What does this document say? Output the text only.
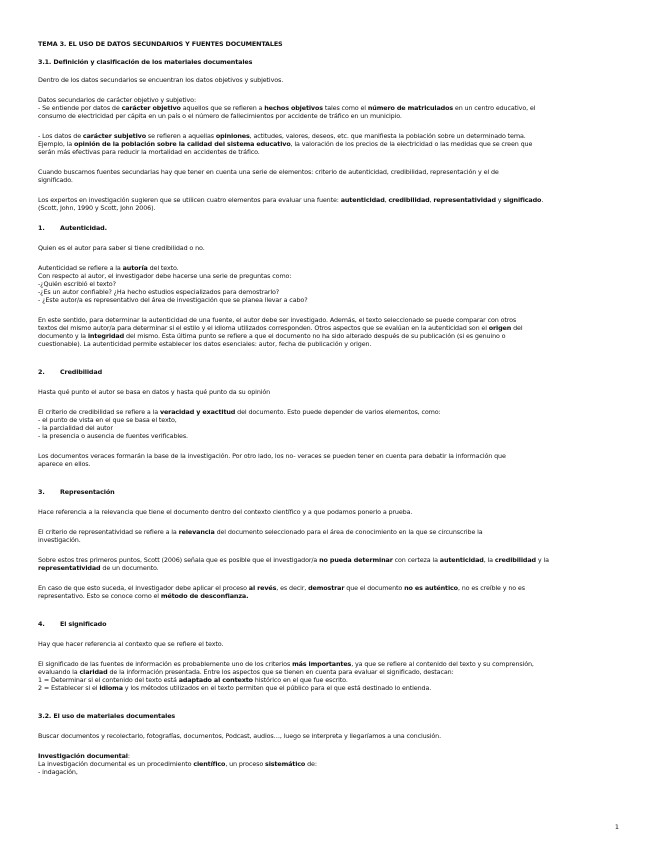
TEMA 3. EL USO DE DATOS SECUNDARIOS Y FUENTES DOCUMENTALES
3.1. Definición y clasificación de los materiales documentales
Dentro de los datos secundarios se encuentran los datos objetivos y subjetivos.
Datos secundarios de carácter objetivo y subjetivo:
- Se entiende por datos de carácter objetivo aquellos que se refieren a hechos objetivos tales como el número de matriculados en un centro educativo, el
consumo de electricidad per cápita en un país o el número de fallecimientos por accidente de tráfico en un municipio.
- Los datos de carácter subjetivo se refieren a aquellas opiniones, actitudes, valores, deseos, etc. que manifiesta la población sobre un determinado tema.
Ejemplo, la opinión de la población sobre la calidad del sistema educativo, la valoración de los precios de la electricidad o las medidas que se creen que
serán más efectivas para reducir la mortalidad en accidentes de tráfico.
Cuando buscamos fuentes secundarias hay que tener en cuenta una serie de elementos: criterio de autenticidad, credibilidad, representación y el de
significado.
Los expertos en investigación sugieren que se utilicen cuatro elementos para evaluar una fuente: autenticidad, credibilidad, representatividad y significado.
(Scott, John, 1990 y Scott, John 2006).
1. Autenticidad.
Quien es el autor para saber si tiene credibilidad o no.
Autenticidad se refiere a la autoría del texto.
Con respecto al autor, el investigador debe hacerse una serie de preguntas como:
-¿Quién escribió el texto?
-¿Es un autor confiable? ¿Ha hecho estudios especializados para demostrarlo?
- ¿Este autor/a es representativo del área de investigación que se planea llevar a cabo?
En este sentido, para determinar la autenticidad de una fuente, el autor debe ser investigado. Además, el texto seleccionado se puede comparar con otros
textos del mismo autor/a para determinar si el estilo y el idioma utilizados corresponden. Otros aspectos que se evalúan en la autenticidad son el origen del
documento y la integridad del mismo. Esta última punto se refiere a que el documento no ha sido alterado después de su publicación (si es genuino o
cuestionable). La autenticidad permite establecer los datos esenciales: autor, fecha de publicación y origen.
2. Credibilidad
Hasta qué punto el autor se basa en datos y hasta qué punto da su opinión
El criterio de credibilidad se refiere a la veracidad y exactitud del documento. Esto puede depender de varios elementos, como:
- el punto de vista en el que se basa el texto,
- la parcialidad del autor
- la presencia o ausencia de fuentes verificables.
Los documentos veraces formarán la base de la investigación. Por otro lado, los no- veraces se pueden tener en cuenta para debatir la información que
aparece en ellos.
3. Representación
Hace referencia a la relevancia que tiene el documento dentro del contexto científico y a que podamos ponerlo a prueba.
El criterio de representatividad se refiere a la relevancia del documento seleccionado para el área de conocimiento en la que se circunscribe la
investigación.
Sobre estos tres primeros puntos, Scott (2006) señala que es posible que el investigador/a no pueda determinar con certeza la autenticidad, la credibilidad y la
representatividad de un documento.
En caso de que esto suceda, el investigador debe aplicar el proceso al revés, es decir, demostrar que el documento no es auténtico, no es creíble y no es
representativo. Esto se conoce como el método de desconfianza.
4. El significado
Hay que hacer referencia al contexto que se refiere el texto.
El significado de las fuentes de información es probablemente uno de los criterios más importantes, ya que se refiere al contenido del texto y su comprensión,
evaluando la claridad de la información presentada. Entre los aspectos que se tienen en cuenta para evaluar el significado, destacan:
1 = Determinar si el contenido del texto está adaptado al contexto histórico en el que fue escrito.
2 = Establecer si el idioma y los métodos utilizados en el texto permiten que el público para el que está destinado lo entienda.
3.2. El uso de materiales documentales
Buscar documentos y recolectarlo, fotografías, documentos, Podcast, audios…, luego se interpreta y llegaríamos a una conclusión.
Investigación documental:
La investigación documental es un procedimiento científico, un proceso sistemático de:
- indagación,
1
